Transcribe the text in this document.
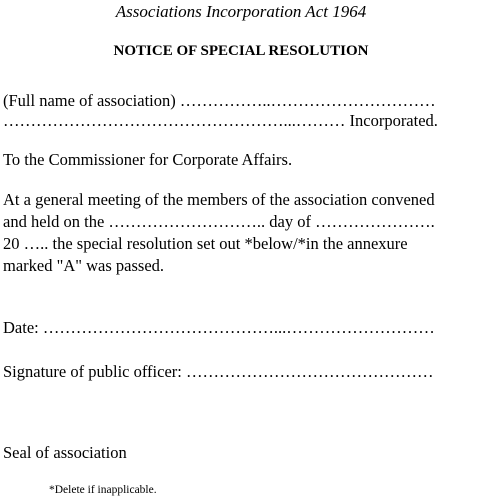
Associations Incorporation Act 1964
NOTICE OF SPECIAL RESOLUTION
(Full name of association) ……………..…………………………
……………………………………………...……… Incorporated.
To the Commissioner for Corporate Affairs.
At a general meeting of the members of the association convened
and held on the ……………………….. day of ………………….
20 ….. the special resolution set out *below/*in the annexure
marked "A" was passed.
Date: ……………………………………...………………………
Signature of public officer: ………………………………………
Seal of association
*Delete if inapplicable.
